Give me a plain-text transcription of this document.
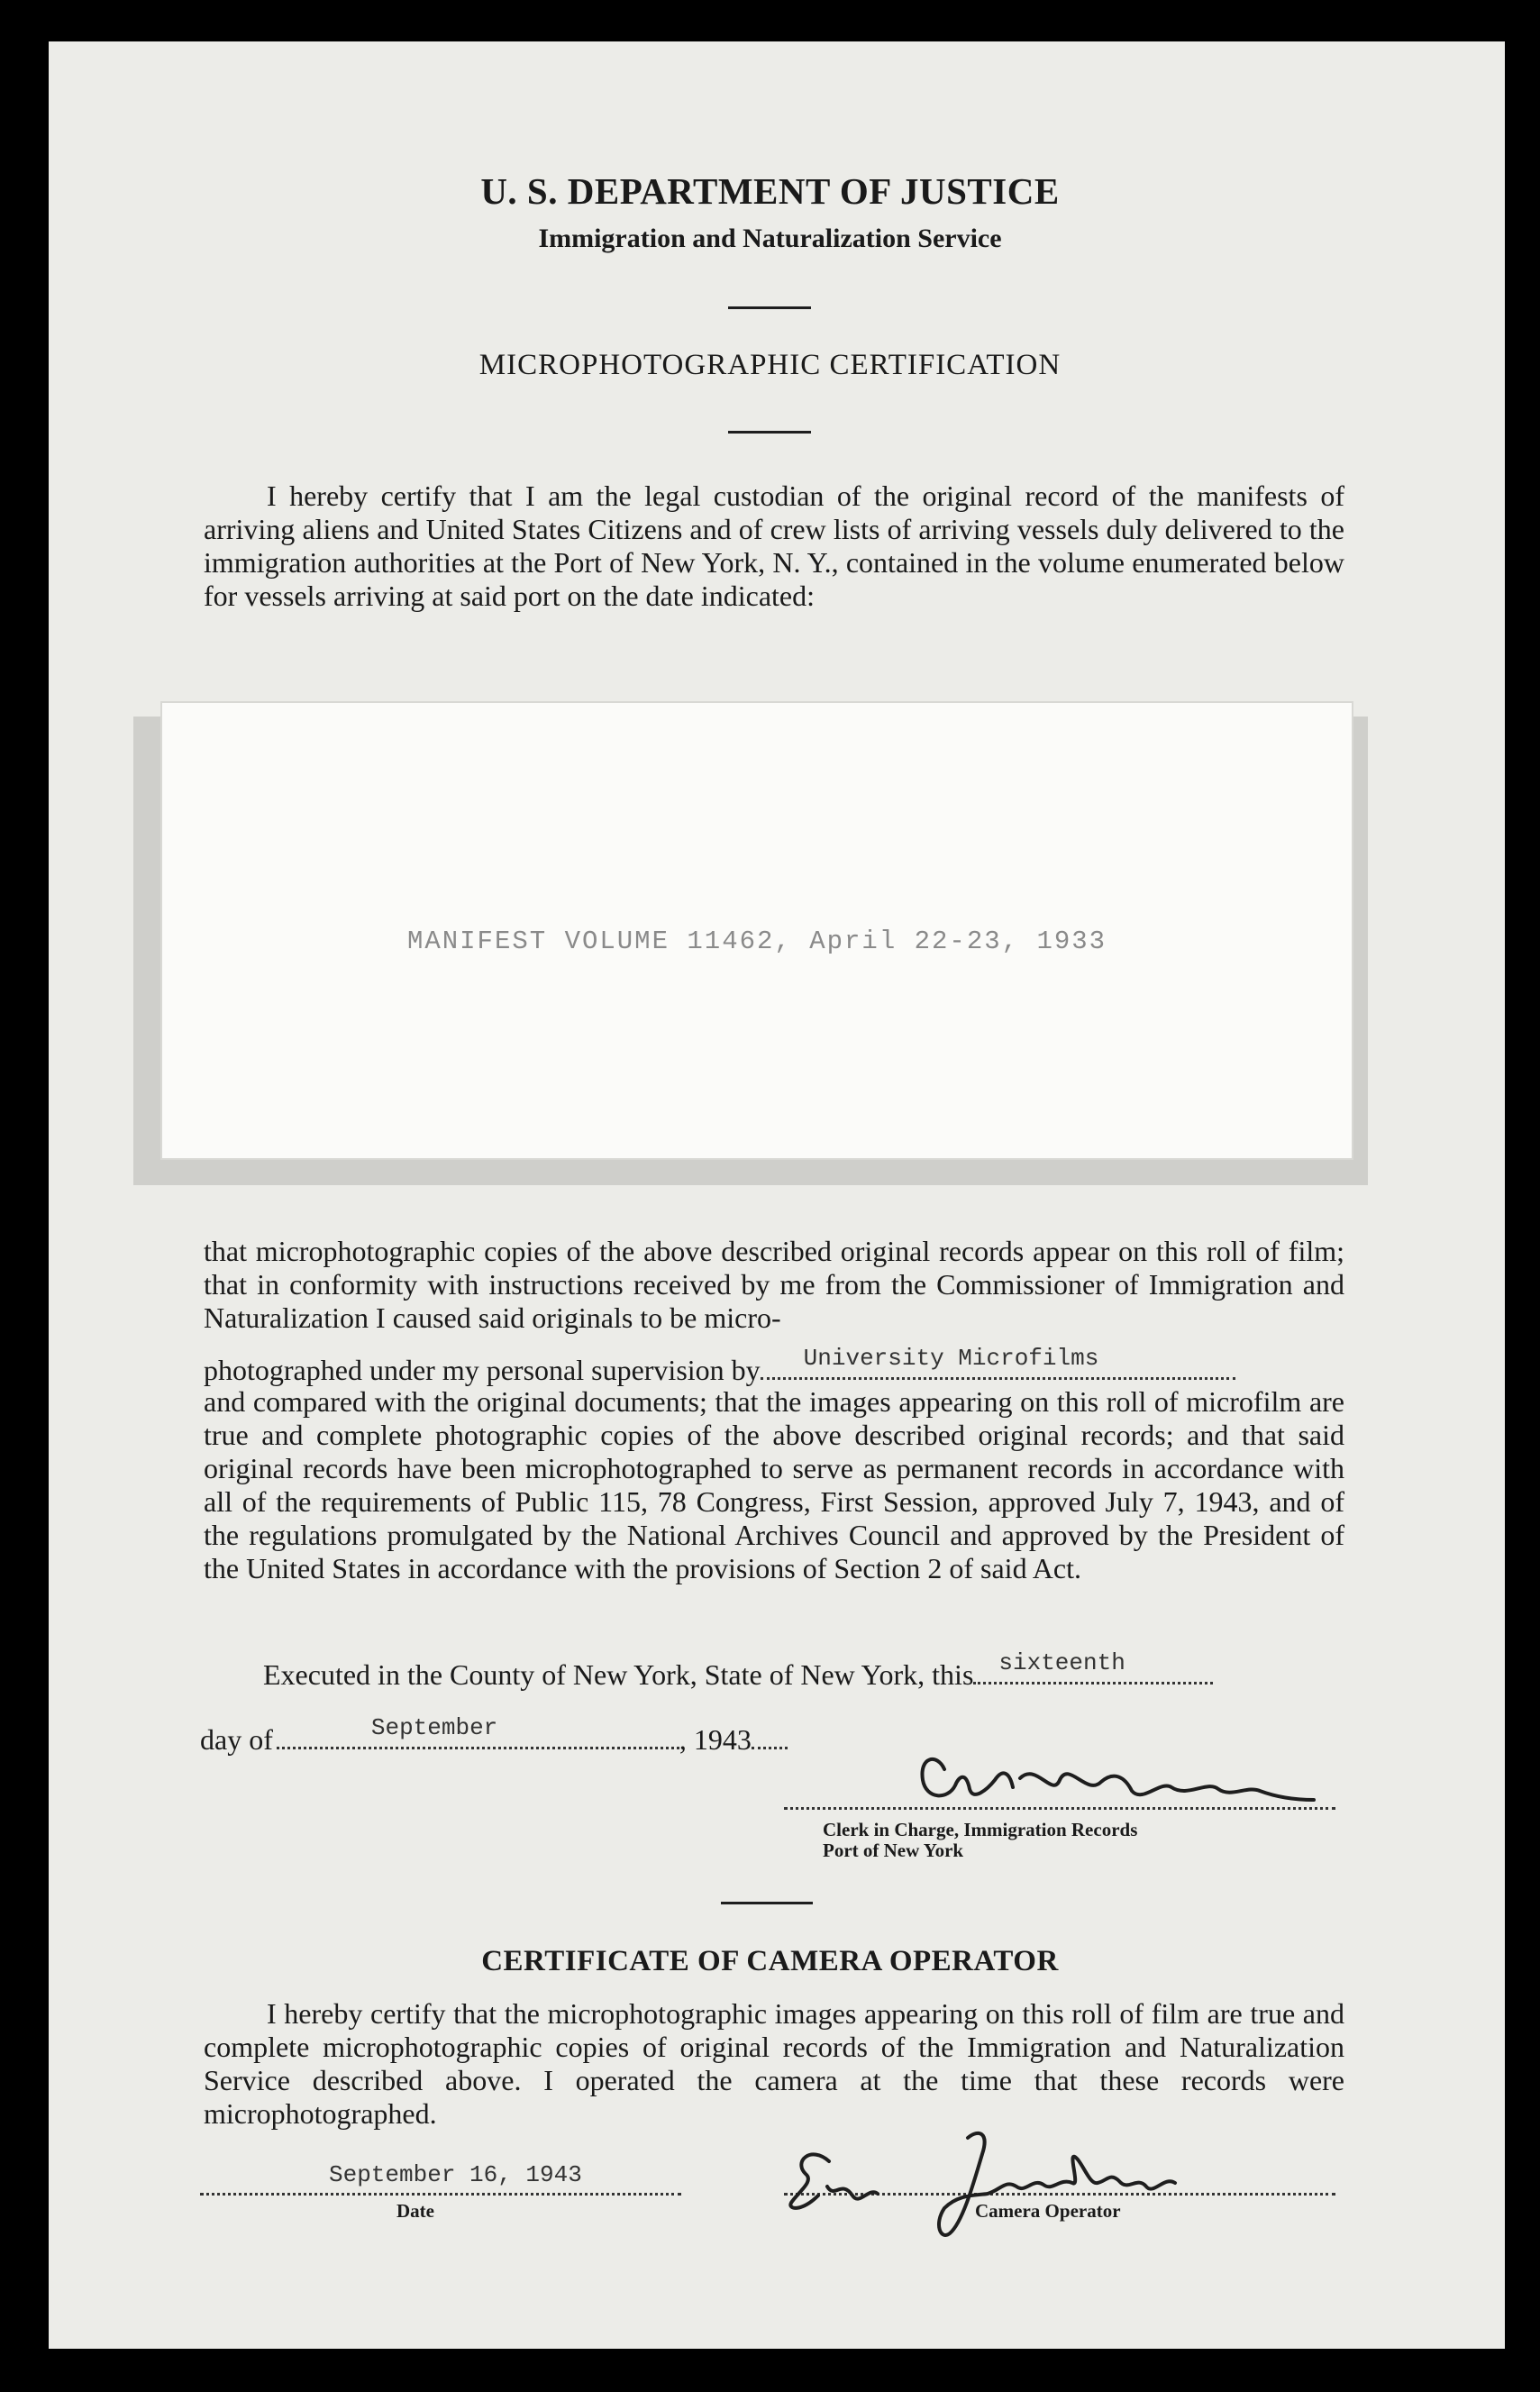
U. S. DEPARTMENT OF JUSTICE
Immigration and Naturalization Service
MICROPHOTOGRAPHIC CERTIFICATION

I hereby certify that I am the legal custodian of the original record of the manifests of arriving aliens and United States Citizens and of crew lists of arriving vessels duly delivered to the immigration authorities at the Port of New York, N. Y., contained in the volume enumerated below for vessels arriving at said port on the date indicated:

MANIFEST VOLUME 11462, April 22-23, 1933

that microphotographic copies of the above described original records appear on this roll of film; that in conformity with instructions received by me from the Commissioner of Immigration and Naturalization I caused said originals to be micro-

photographed under my personal supervision by University Microfilms

and compared with the original documents; that the images appearing on this roll of microfilm are true and complete photographic copies of the above described original records; and that said original records have been microphotographed to serve as permanent records in accordance with all of the requirements of Public 115, 78 Congress, First Session, approved July 7, 1943, and of the regulations promulgated by the National Archives Council and approved by the President of the United States in accordance with the provisions of Section 2 of said Act.

Executed in the County of New York, State of New York, this sixteenth
day of	September	, 1943
Clerk in Charge, Immigration Records
Port of New York
CERTIFICATE OF CAMERA OPERATOR

I hereby certify that the microphotographic images appearing on this roll of film are true and complete microphotographic copies of original records of the Immigration and Naturalization Service described above. I operated the camera at the time that these records were microphotographed.

September 16, 1943
Date	Camera Operator
